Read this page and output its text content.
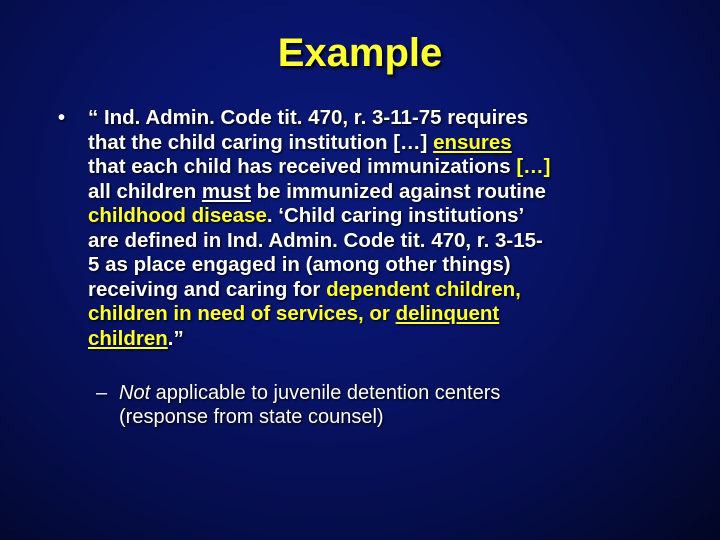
Example
• “ Ind. Admin. Code tit. 470, r. 3-11-75 requires
that the child caring institution […] ensures
that each child has received immunizations […]
all children must be immunized against routine
childhood disease. ‘Child caring institutions’
are defined in Ind. Admin. Code tit. 470, r. 3-15-
5 as place engaged in (among other things)
receiving and caring for dependent children,
children in need of services, or delinquent
children.”
– Not applicable to juvenile detention centers
(response from state counsel)
